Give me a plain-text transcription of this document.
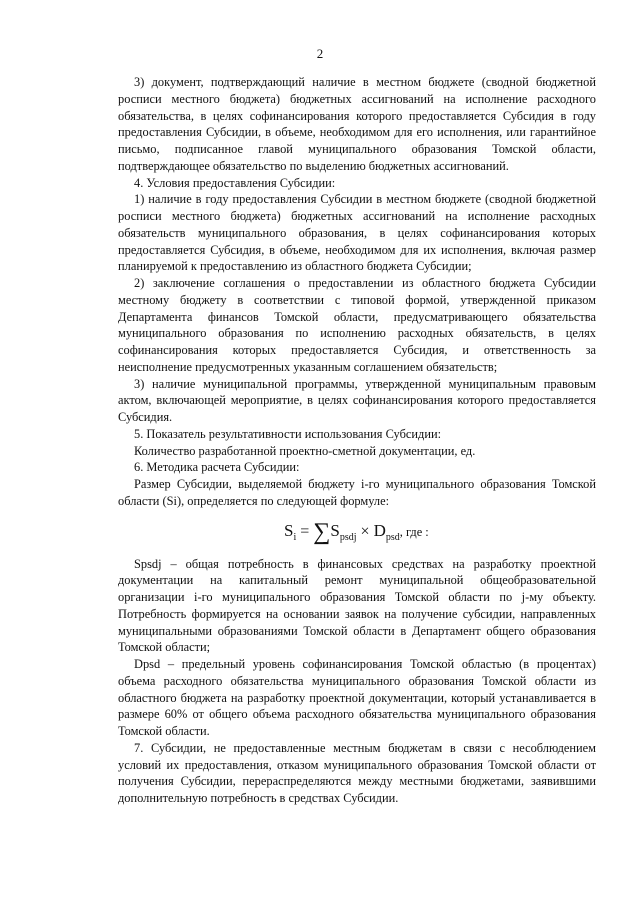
2

3) документ, подтверждающий наличие в местном бюджете (сводной бюджетной росписи местного бюджета) бюджетных ассигнований на исполнение расходного обязательства, в целях софинансирования которого предоставляется Субсидия в году предоставления Субсидии, в объеме, необходимом для его исполнения, или гарантийное письмо, подписанное главой муниципального образования Томской области, подтверждающее обязательство по выделению бюджетных ассигнований.

4. Условия предоставления Субсидии:

1) наличие в году предоставления Субсидии в местном бюджете (сводной бюджетной росписи местного бюджета) бюджетных ассигнований на исполнение расходных обязательств муниципального образования, в целях софинансирования которых предоставляется Субсидия, в объеме, необходимом для их исполнения, включая размер планируемой к предоставлению из областного бюджета Субсидии;

2) заключение соглашения о предоставлении из областного бюджета Субсидии местному бюджету в соответствии с типовой формой, утвержденной приказом Департамента финансов Томской области, предусматривающего обязательства муниципального образования по исполнению расходных обязательств, в целях софинансирования которых предоставляется Субсидия, и ответственность за неисполнение предусмотренных указанным соглашением обязательств;

3) наличие муниципальной программы, утвержденной муниципальным правовым актом, включающей мероприятие, в целях софинансирования которого предоставляется Субсидия.

5. Показатель результативности использования Субсидии:

Количество разработанной проектно-сметной документации, ед.

6. Методика расчета Субсидии:

Размер Субсидии, выделяемой бюджету i-го муниципального образования Томской области (Si), определяется по следующей формуле:

$S_i = \sum S_{psdj} \times D_{psd}$, где :

Spsdj – общая потребность в финансовых средствах на разработку проектной документации на капитальный ремонт муниципальной общеобразовательной организации i-го муниципального образования Томской области по j-му объекту. Потребность формируется на основании заявок на получение субсидии, направленных муниципальными образованиями Томской области в Департамент общего образования Томской области;

Dpsd – предельный уровень софинансирования Томской областью (в процентах) объема расходного обязательства муниципального образования Томской области из областного бюджета на разработку проектной документации, который устанавливается в размере 60% от общего объема расходного обязательства муниципального образования Томской области.

7. Субсидии, не предоставленные местным бюджетам в связи с несоблюдением условий их предоставления, отказом муниципального образования Томской области от получения Субсидии, перераспределяются между местными бюджетами, заявившими дополнительную потребность в средствах Субсидии.
